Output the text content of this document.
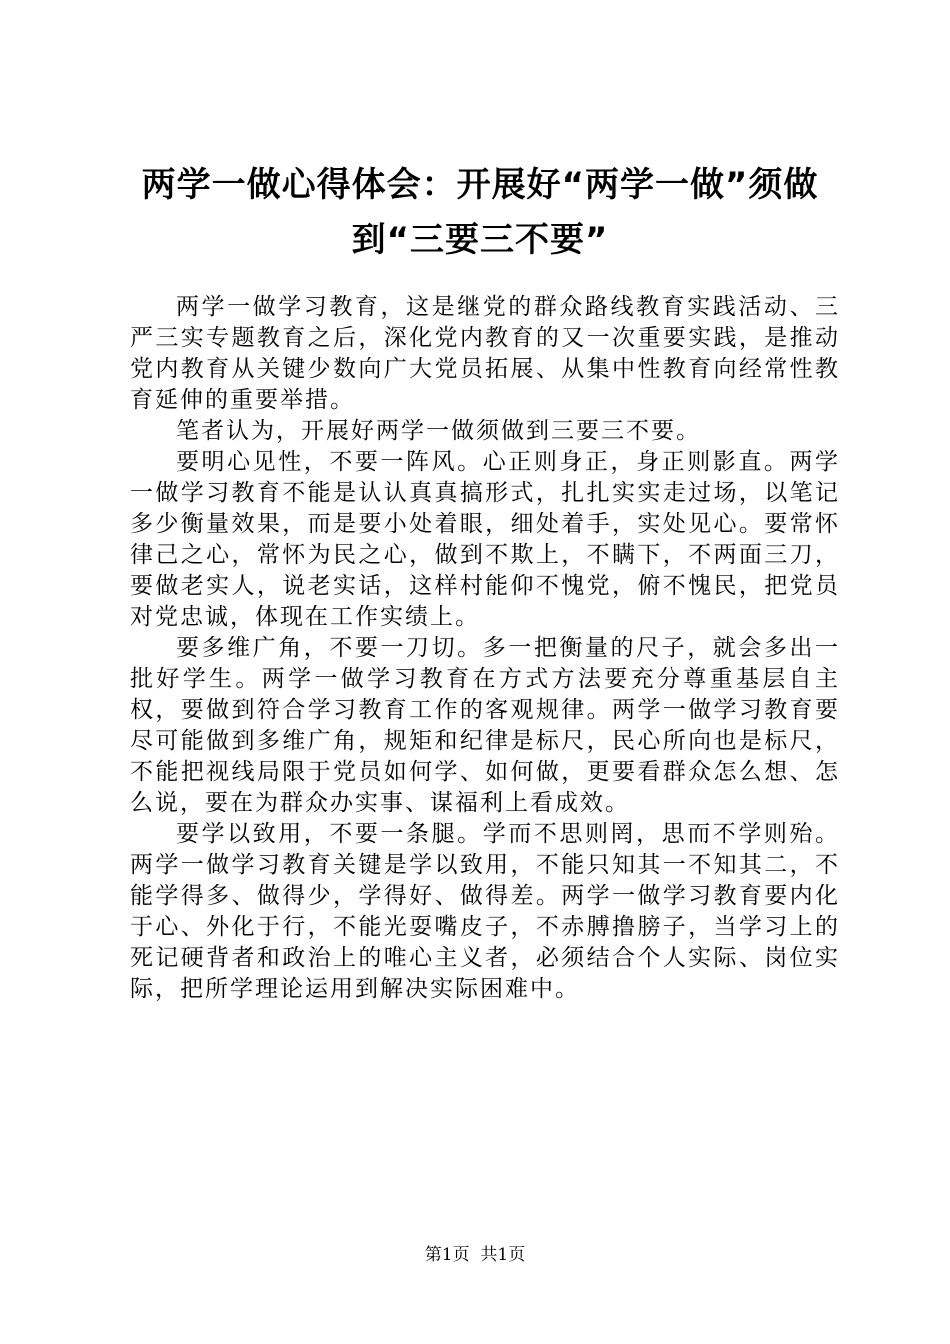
两学一做心得体会：开展好“两学一做”须做
到“三要三不要”

两学一做学习教育，这是继党的群众路线教育实践活动、三严三实专题教育之后，深化党内教育的又一次重要实践，是推动党内教育从关键少数向广大党员拓展、从集中性教育向经常性教育延伸的重要举措。

笔者认为，开展好两学一做须做到三要三不要。

要明心见性，不要一阵风。心正则身正，身正则影直。两学一做学习教育不能是认认真真搞形式，扎扎实实走过场，以笔记多少衡量效果，而是要小处着眼，细处着手，实处见心。要常怀律己之心，常怀为民之心，做到不欺上，不瞒下，不两面三刀，要做老实人，说老实话，这样村能仰不愧党，俯不愧民，把党员对党忠诚，体现在工作实绩上。

要多维广角，不要一刀切。多一把衡量的尺子，就会多出一批好学生。两学一做学习教育在方式方法要充分尊重基层自主权，要做到符合学习教育工作的客观规律。两学一做学习教育要尽可能做到多维广角，规矩和纪律是标尺，民心所向也是标尺，不能把视线局限于党员如何学、如何做，更要看群众怎么想、怎么说，要在为群众办实事、谋福利上看成效。

要学以致用，不要一条腿。学而不思则罔，思而不学则殆。两学一做学习教育关键是学以致用，不能只知其一不知其二，不能学得多、做得少，学得好、做得差。两学一做学习教育要内化于心、外化于行，不能光耍嘴皮子，不赤膊撸膀子，当学习上的死记硬背者和政治上的唯心主义者，必须结合个人实际、岗位实际，把所学理论运用到解决实际困难中。

第1页  共1页
